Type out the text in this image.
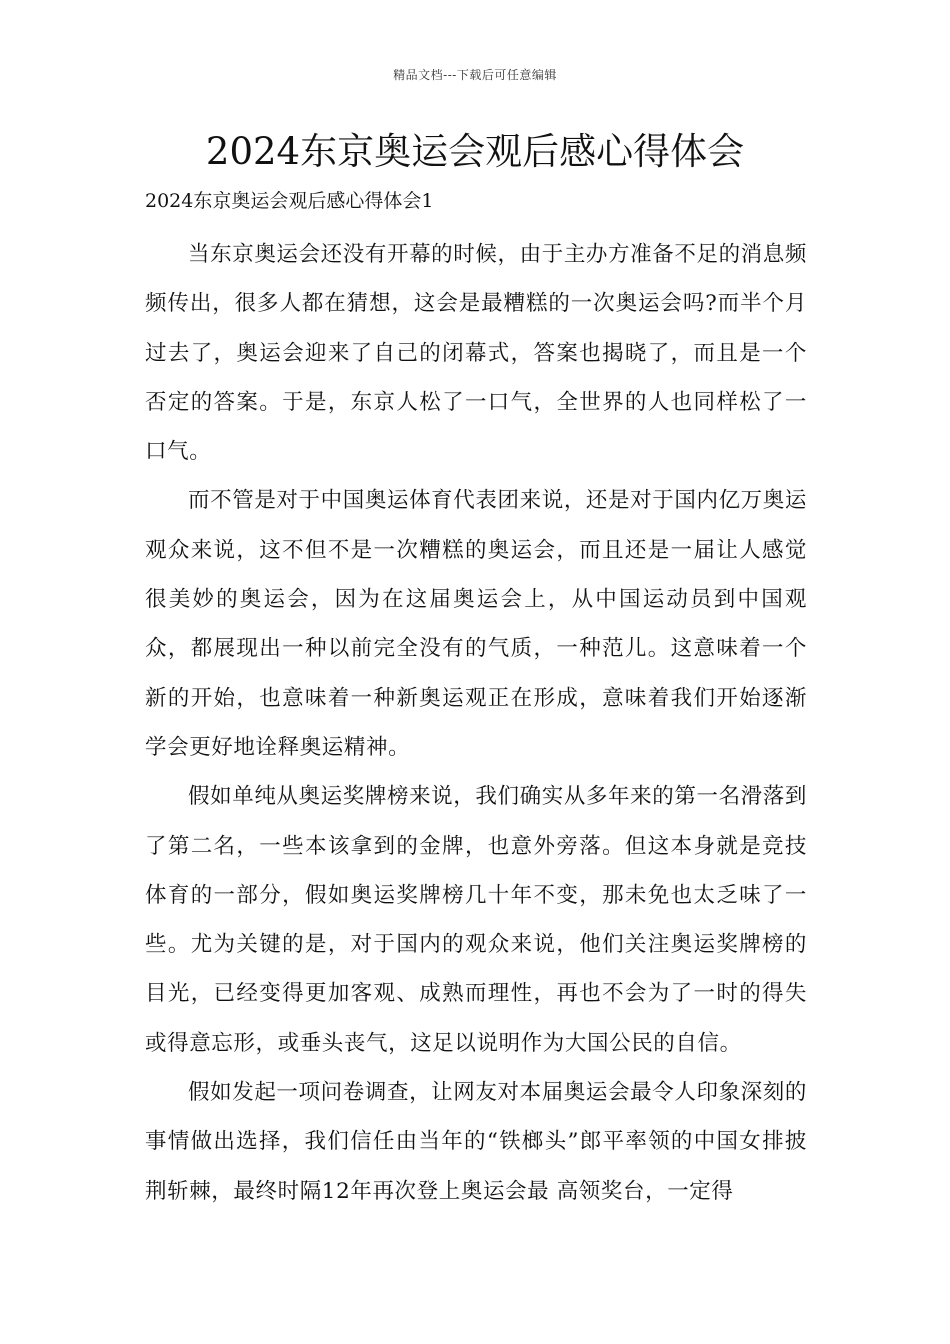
精品文档---下载后可任意编辑
2024东京奥运会观后感心得体会

2024东京奥运会观后感心得体会1

当东京奥运会还没有开幕的时候，由于主办方准备不足的消息频频传出，很多人都在猜想，这会是最糟糕的一次奥运会吗?而半个月过去了，奥运会迎来了自己的闭幕式，答案也揭晓了，而且是一个否定的答案。于是，东京人松了一口气，全世界的人也同样松了一口气。

而不管是对于中国奥运体育代表团来说，还是对于国内亿万奥运观众来说，这不但不是一次糟糕的奥运会，而且还是一届让人感觉很美妙的奥运会，因为在这届奥运会上，从中国运动员到中国观众，都展现出一种以前完全没有的气质，一种范儿。这意味着一个新的开始，也意味着一种新奥运观正在形成，意味着我们开始逐渐学会更好地诠释奥运精神。

假如单纯从奥运奖牌榜来说，我们确实从多年来的第一名滑落到了第二名，一些本该拿到的金牌，也意外旁落。但这本身就是竞技体育的一部分，假如奥运奖牌榜几十年不变，那未免也太乏味了一些。尤为关键的是，对于国内的观众来说，他们关注奥运奖牌榜的目光，已经变得更加客观、成熟而理性，再也不会为了一时的得失或得意忘形，或垂头丧气，这足以说明作为大国公民的自信。

假如发起一项问卷调查，让网友对本届奥运会最令人印象深刻的事情做出选择，我们信任由当年的“铁榔头”郎平率领的中国女排披荆斩棘，最终时隔12年再次登上奥运会最 高领奖台，一定得
